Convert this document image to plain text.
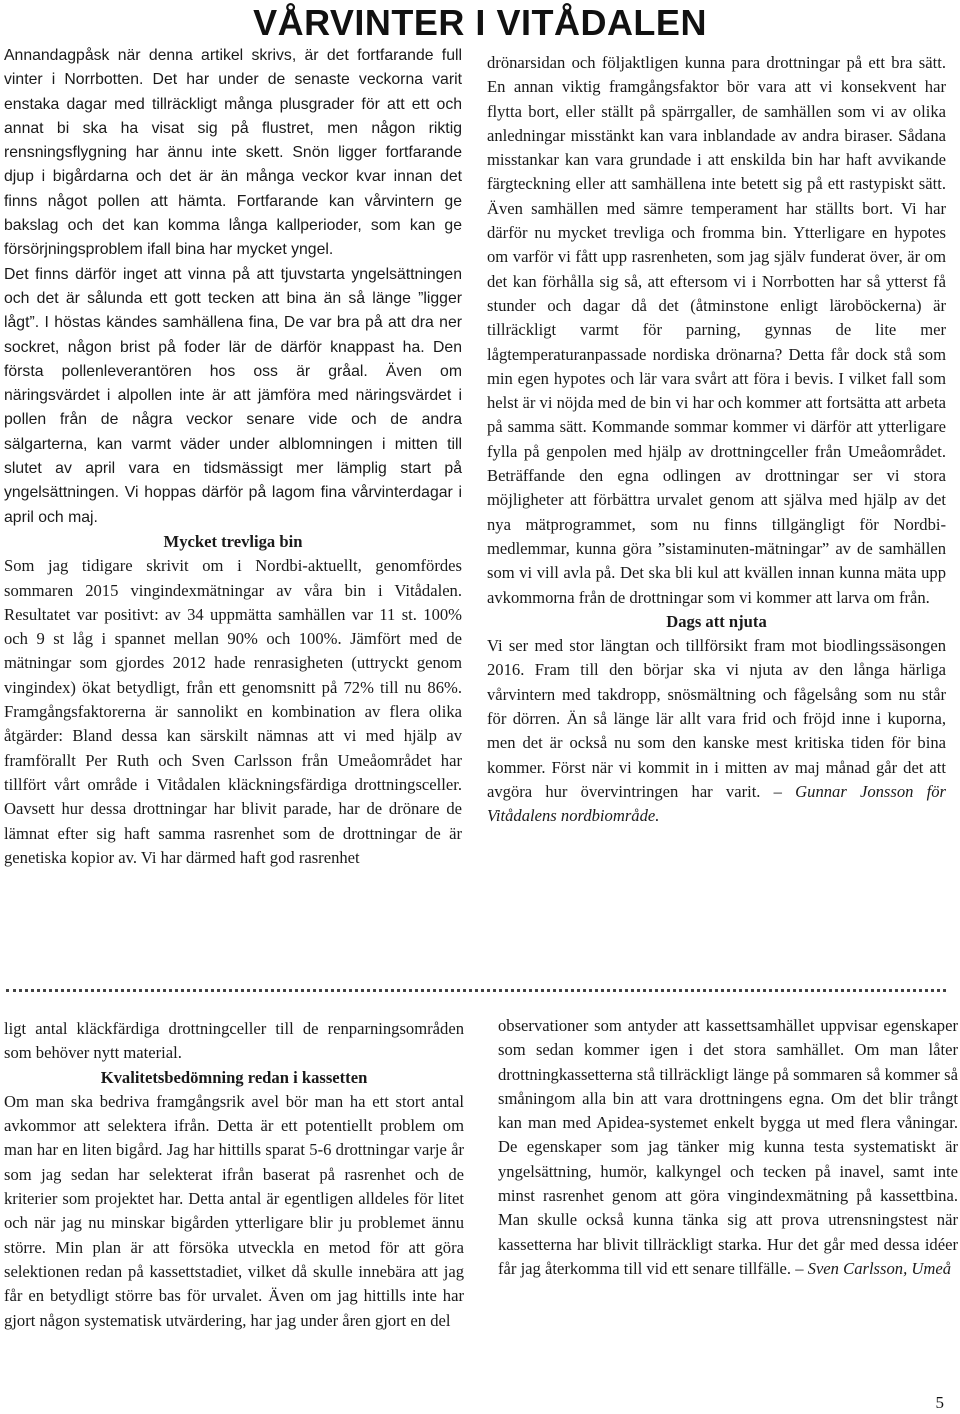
VÅRVINTER I VITÅDALEN

Annandagpåsk när denna artikel skrivs, är det fortfarande full vinter i Norrbotten. Det har under de senaste veckorna varit enstaka dagar med tillräckligt många plusgrader för att ett och annat bi ska ha visat sig på flustret, men någon riktig rensningsflygning har ännu inte skett. Snön ligger fortfarande djup i bigårdarna och det är än många veckor kvar innan det finns något pollen att hämta. Fortfarande kan vårvintern ge bakslag och det kan komma långa kallperioder, som kan ge försörjningsproblem ifall bina har mycket yngel.

Det finns därför inget att vinna på att tjuvstarta yngelsättningen och det är sålunda ett gott tecken att bina än så länge ”ligger lågt”. I höstas kändes samhällena fina, De var bra på att dra ner sockret, någon brist på foder lär de därför knappast ha. Den första pollenleverantören hos oss är gråal. Även om näringsvärdet i alpollen inte är att jämföra med näringsvärdet i pollen från de några veckor senare vide och de andra sälgarterna, kan varmt väder under alblomningen i mitten till slutet av april vara en tidsmässigt mer lämplig start på yngelsättningen. Vi hoppas därför på lagom fina vårvinterdagar i april och maj.

Mycket trevliga bin

Som jag tidigare skrivit om i Nordbi-aktuellt, genomfördes sommaren 2015 vingindexmätningar av våra bin i Vitådalen. Resultatet var positivt: av 34 uppmätta samhällen var 11 st. 100% och 9 st låg i spannet mellan 90% och 100%. Jämfört med de mätningar som gjordes 2012 hade renrasigheten (uttryckt genom vingindex) ökat betydligt, från ett genomsnitt på 72% till nu 86%. Framgångsfaktorerna är sannolikt en kombination av flera olika åtgärder: Bland dessa kan särskilt nämnas att vi med hjälp av framförallt Per Ruth och Sven Carlsson från Umeåområdet har tillfört vårt område i Vitådalen kläckningsfärdiga drottningsceller. Oavsett hur dessa drottningar har blivit parade, har de drönare de lämnat efter sig haft samma rasrenhet som de drottningar de är genetiska kopior av. Vi har därmed haft god rasrenhet

drönarsidan och följaktligen kunna para drottningar på ett bra sätt. En annan viktig framgångsfaktor bör vara att vi konsekvent har flytta bort, eller ställt på spärrgaller, de samhällen som vi av olika anledningar misstänkt kan vara inblandade av andra biraser. Sådana misstankar kan vara grundade i att enskilda bin har haft avvikande färgteckning eller att samhällena inte betett sig på ett rastypiskt sätt. Även samhällen med sämre temperament har ställts bort. Vi har därför nu mycket trevliga och fromma bin. Ytterligare en hypotes om varför vi fått upp rasrenheten, som jag själv funderat över, är om det kan förhålla sig så, att eftersom vi i Norrbotten har så ytterst få stunder och dagar då det (åtminstone enligt läroböckerna) är tillräckligt varmt för parning, gynnas de lite mer lågtemperaturanpassade nordiska drönarna? Detta får dock stå som min egen hypotes och lär vara svårt att föra i bevis. I vilket fall som helst är vi nöjda med de bin vi har och kommer att fortsätta att arbeta på samma sätt. Kommande sommar kommer vi därför att ytterligare fylla på genpolen med hjälp av drottningceller från Umeåområdet. Beträffande den egna odlingen av drottningar ser vi stora möjligheter att förbättra urvalet genom att själva med hjälp av det nya mätprogrammet, som nu finns tillgängligt för Nordbi-medlemmar, kunna göra ”sistaminuten-mätningar” av de samhällen som vi vill avla på. Det ska bli kul att kvällen innan kunna mäta upp avkommorna från de drottningar som vi kommer att larva om från.

Dags att njuta

Vi ser med stor längtan och tillförsikt fram mot biodlingssäsongen 2016. Fram till den börjar ska vi njuta av den långa härliga vårvintern med takdropp, snösmältning och fågelsång som nu står för dörren. Än så länge lär allt vara frid och fröjd inne i kuporna, men det är också nu som den kanske mest kritiska tiden för bina kommer. Först när vi kommit in i mitten av maj månad går det att avgöra hur övervintringen har varit. – Gunnar Jonsson för Vitådalens nordbiområde.

ligt antal kläckfärdiga drottningceller till de renparningsområden som behöver nytt material.

Kvalitetsbedömning redan i kassetten

Om man ska bedriva framgångsrik avel bör man ha ett stort antal avkommor att selektera ifrån. Detta är ett potentiellt problem om man har en liten bigård. Jag har hittills sparat 5-6 drottningar varje år som jag sedan har selekterat ifrån baserat på rasrenhet och de kriterier som projektet har. Detta antal är egentligen alldeles för litet och när jag nu minskar bigården ytterligare blir ju problemet ännu större. Min plan är att försöka utveckla en metod för att göra selektionen redan på kassettstadiet, vilket då skulle innebära att jag får en betydligt större bas för urvalet. Även om jag hittills inte har gjort någon systematisk utvärdering, har jag under åren gjort en del

observationer som antyder att kassettsamhället uppvisar egenskaper som sedan kommer igen i det stora samhället. Om man låter drottningkassetterna stå tillräckligt länge på sommaren så kommer så småningom alla bin att vara drottningens egna. Om det blir trångt kan man med Apidea-systemet enkelt bygga ut med flera våningar. De egenskaper som jag tänker mig kunna testa systematiskt är yngelsättning, humör, kalkyngel och tecken på inavel, samt inte minst rasrenhet genom att göra vingindexmätning på kassettbina. Man skulle också kunna tänka sig att prova utrensningstest när kassetterna har blivit tillräckligt starka. Hur det går med dessa idéer får jag återkomma till vid ett senare tillfälle. – Sven Carlsson, Umeå

5
